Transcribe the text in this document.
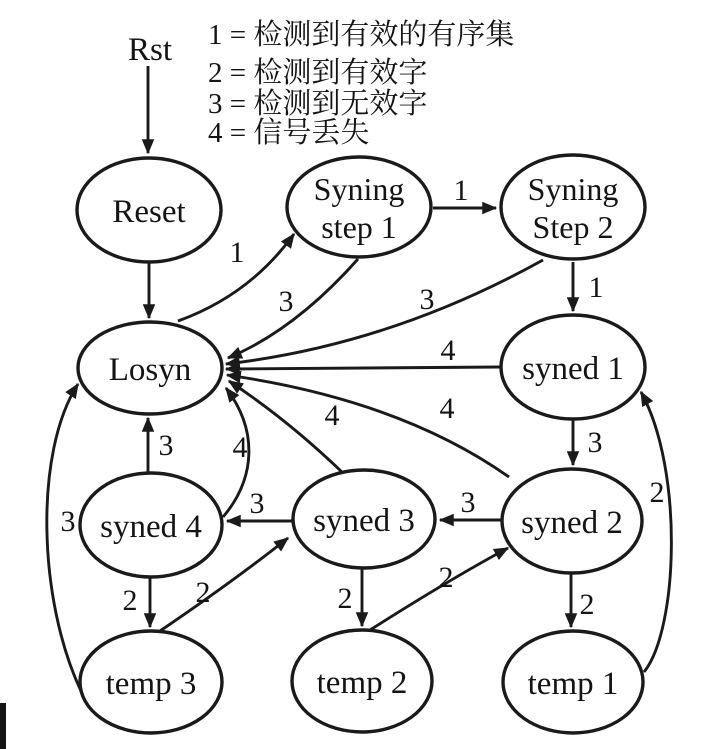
1 = 检测到有效的有序集
2 = 检测到有效字
3 = 检测到无效字
4 = 信号丢失
Rst
1
1
3	1
3
4
3
4
3
2
4
3
2
3 4
2 2
3
2
2
Reset
Syning
step 1
Syning
Step 2
Losyn	syned 1
syned 4	syned 3	syned 2
temp 3	temp 2	temp 1
